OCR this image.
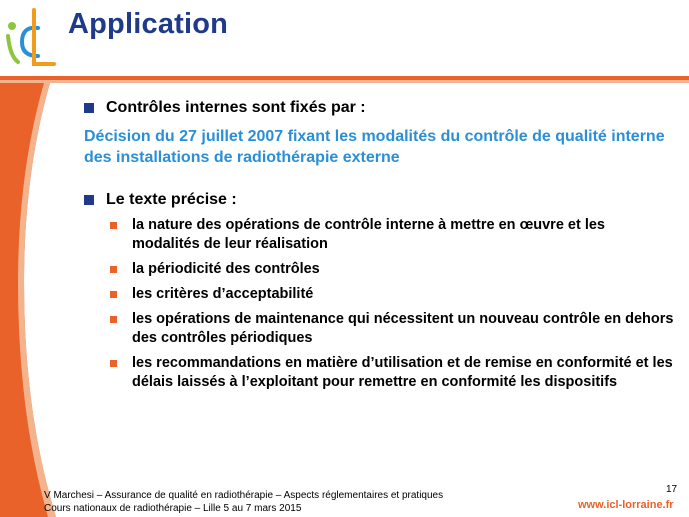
Application
Contrôles internes sont fixés par :
Décision du 27 juillet 2007 fixant les modalités du contrôle de qualité interne des installations de radiothérapie externe
Le texte précise :
la nature des opérations de contrôle interne à mettre en œuvre et les modalités de leur réalisation
la périodicité des contrôles
les critères d’acceptabilité
les opérations de maintenance qui nécessitent un nouveau contrôle en dehors des contrôles périodiques
les recommandations en matière d’utilisation et de remise en conformité et les délais laissés à l’exploitant pour remettre en conformité les dispositifs
V Marchesi – Assurance de qualité en radiothérapie – Aspects réglementaires et pratiques
Cours nationaux de radiothérapie – Lille 5 au 7 mars 2015
17
www.icl-lorraine.fr
